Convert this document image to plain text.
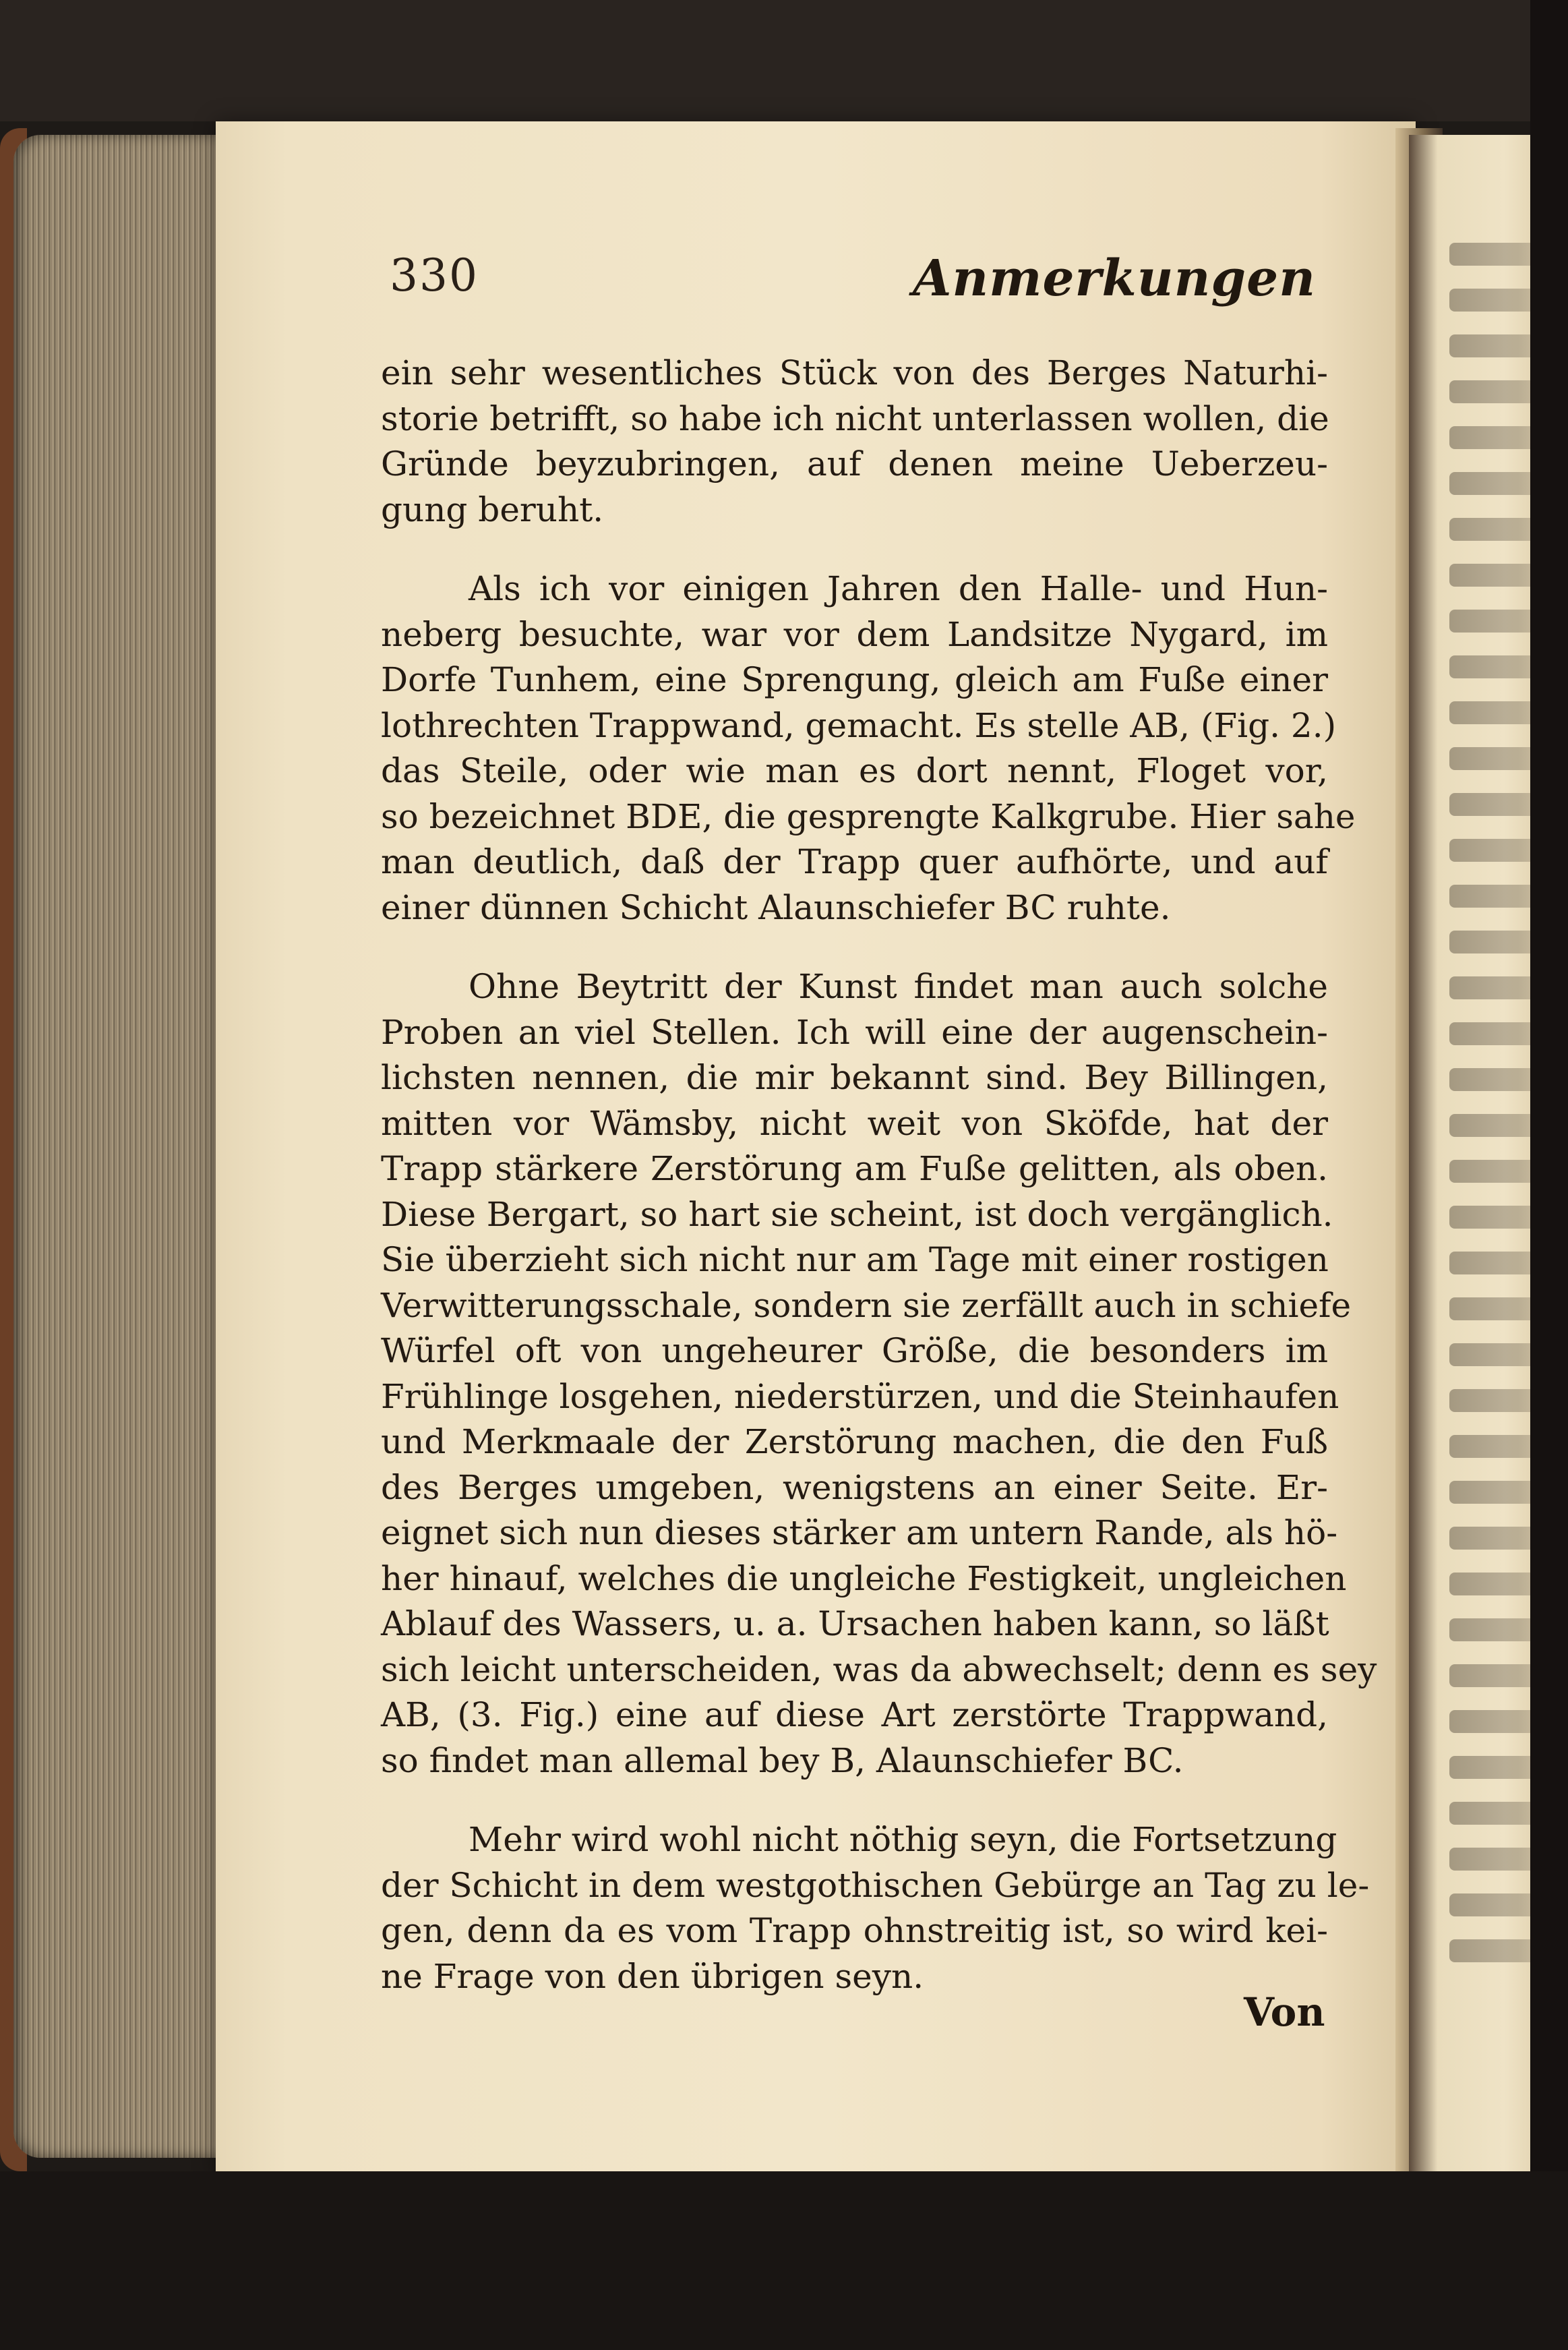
330	Anmerkungen
ein sehr wesentliches Stück von des Berges Naturhi-
storie betrifft, so habe ich nicht unterlassen wollen, die
Gründe beyzubringen, auf denen meine Ueberzeu-
gung beruht.
Als ich vor einigen Jahren den Halle- und Hun-
neberg besuchte, war vor dem Landsitze Nygard, im
Dorfe Tunhem, eine Sprengung, gleich am Fuße einer
lothrechten Trappwand, gemacht. Es stelle AB, (Fig. 2.)
das Steile, oder wie man es dort nennt, Floget vor,
so bezeichnet BDE, die gesprengte Kalkgrube. Hier sahe
man deutlich, daß der Trapp quer aufhörte, und auf
einer dünnen Schicht Alaunschiefer BC ruhte.
Ohne Beytritt der Kunst findet man auch solche
Proben an viel Stellen. Ich will eine der augenschein-
lichsten nennen, die mir bekannt sind. Bey Billingen,
mitten vor Wämsby, nicht weit von Sköfde, hat der
Trapp stärkere Zerstörung am Fuße gelitten, als oben.
Diese Bergart, so hart sie scheint, ist doch vergänglich.
Sie überzieht sich nicht nur am Tage mit einer rostigen
Verwitterungsschale, sondern sie zerfällt auch in schiefe
Würfel oft von ungeheurer Größe, die besonders im
Frühlinge losgehen, niederstürzen, und die Steinhaufen
und Merkmaale der Zerstörung machen, die den Fuß
des Berges umgeben, wenigstens an einer Seite. Er-
eignet sich nun dieses stärker am untern Rande, als hö-
her hinauf, welches die ungleiche Festigkeit, ungleichen
Ablauf des Wassers, u. a. Ursachen haben kann, so läßt
sich leicht unterscheiden, was da abwechselt; denn es sey
AB, (3. Fig.) eine auf diese Art zerstörte Trappwand,
so findet man allemal bey B, Alaunschiefer BC.
Mehr wird wohl nicht nöthig seyn, die Fortsetzung
der Schicht in dem westgothischen Gebürge an Tag zu le-
gen, denn da es vom Trapp ohnstreitig ist, so wird kei-
ne Frage von den übrigen seyn.
Von
